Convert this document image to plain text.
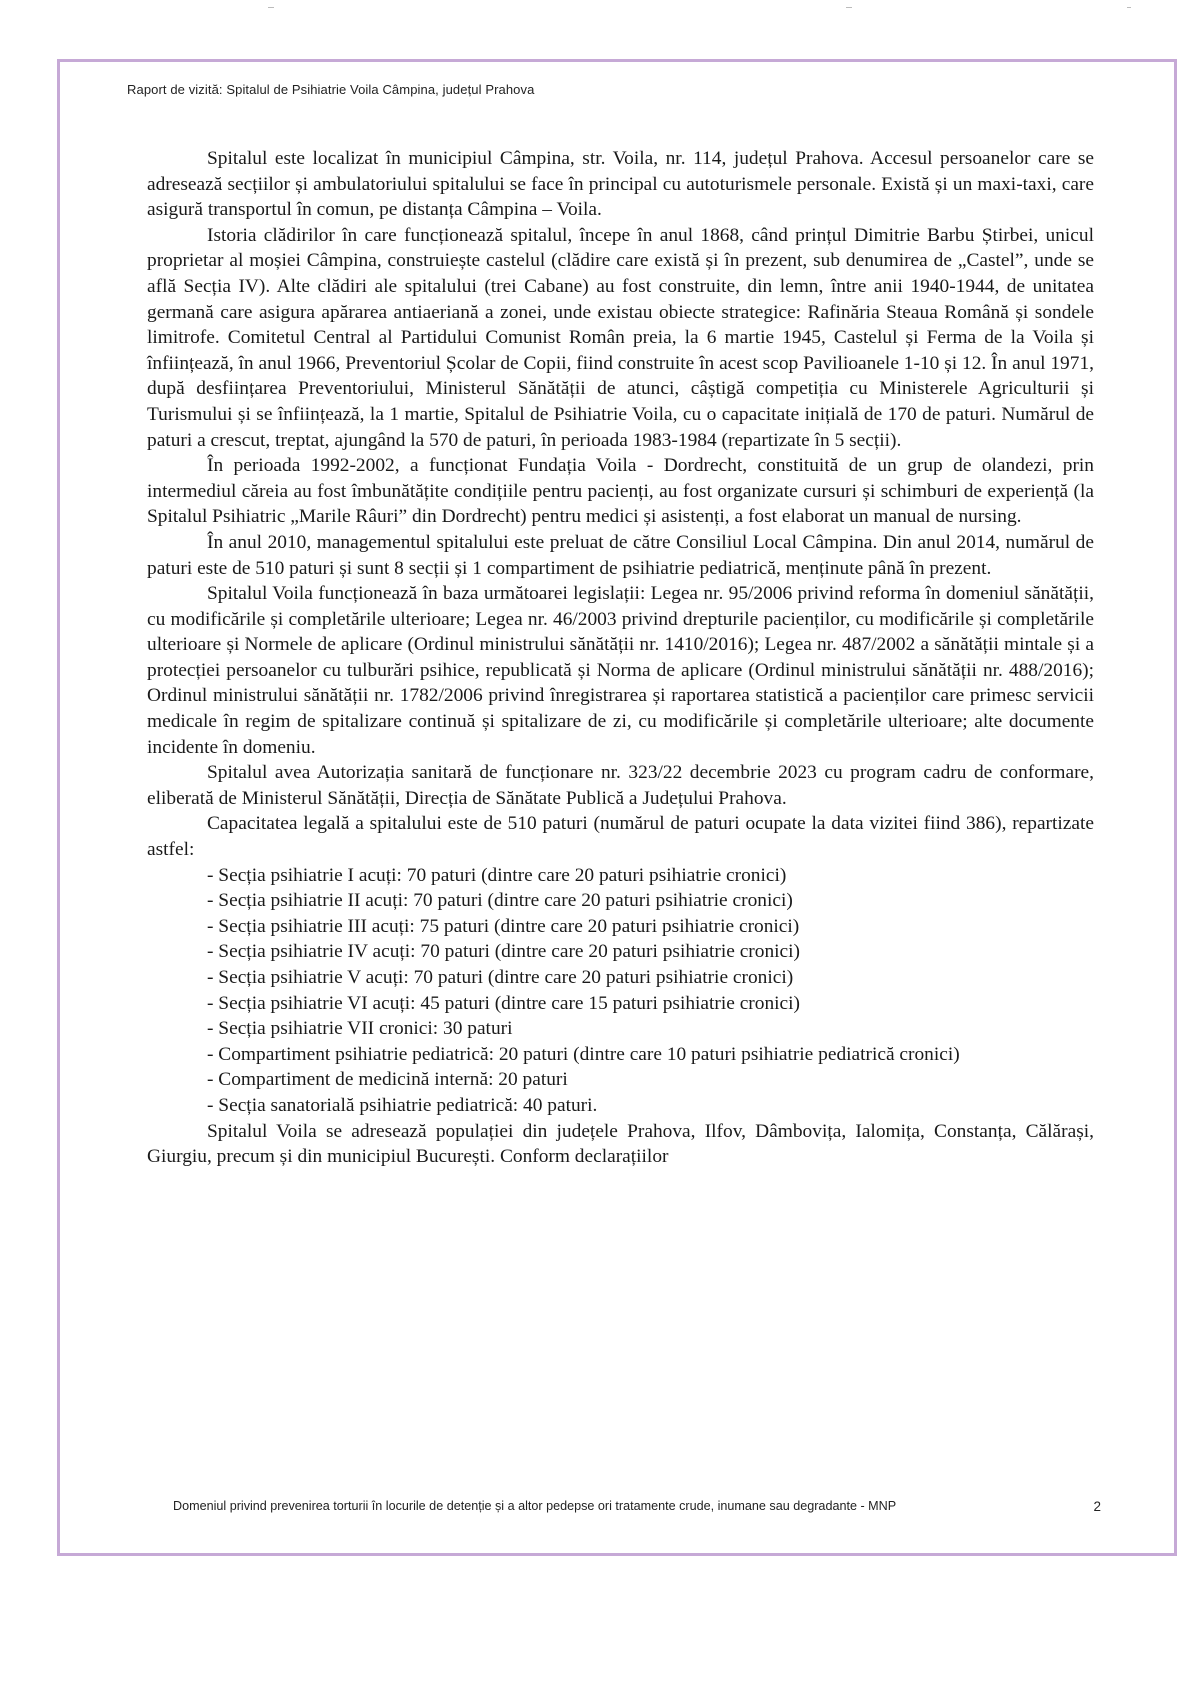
Raport de vizită: Spitalul de Psihiatrie Voila Câmpina, județul Prahova

Spitalul este localizat în municipiul Câmpina, str. Voila, nr. 114, județul Prahova. Accesul persoanelor care se adresează secțiilor și ambulatoriului spitalului se face în principal cu autoturismele personale. Există și un maxi-taxi, care asigură transportul în comun, pe distanța Câmpina – Voila.

Istoria clădirilor în care funcționează spitalul, începe în anul 1868, când prințul Dimitrie Barbu Știrbei, unicul proprietar al moșiei Câmpina, construiește castelul (clădire care există și în prezent, sub denumirea de „Castel”, unde se află Secția IV). Alte clădiri ale spitalului (trei Cabane) au fost construite, din lemn, între anii 1940-1944, de unitatea germană care asigura apărarea antiaeriană a zonei, unde existau obiecte strategice: Rafinăria Steaua Română și sondele limitrofe. Comitetul Central al Partidului Comunist Român preia, la 6 martie 1945, Castelul și Ferma de la Voila și înființează, în anul 1966, Preventoriul Școlar de Copii, fiind construite în acest scop Pavilioanele 1-10 și 12. În anul 1971, după desființarea Preventoriului, Ministerul Sănătății de atunci, câștigă competiția cu Ministerele Agriculturii și Turismului și se înființează, la 1 martie, Spitalul de Psihiatrie Voila, cu o capacitate inițială de 170 de paturi. Numărul de paturi a crescut, treptat, ajungând la 570 de paturi, în perioada 1983-1984 (repartizate în 5 secții).

În perioada 1992-2002, a funcționat Fundația Voila - Dordrecht, constituită de un grup de olandezi, prin intermediul căreia au fost îmbunătățite condițiile pentru pacienți, au fost organizate cursuri și schimburi de experiență (la Spitalul Psihiatric „Marile Râuri” din Dordrecht) pentru medici și asistenți, a fost elaborat un manual de nursing.

În anul 2010, managementul spitalului este preluat de către Consiliul Local Câmpina. Din anul 2014, numărul de paturi este de 510 paturi și sunt 8 secții și 1 compartiment de psihiatrie pediatrică, menținute până în prezent.

Spitalul Voila funcționează în baza următoarei legislații: Legea nr. 95/2006 privind reforma în domeniul sănătății, cu modificările și completările ulterioare; Legea nr. 46/2003 privind drepturile pacienților, cu modificările și completările ulterioare și Normele de aplicare (Ordinul ministrului sănătății nr. 1410/2016); Legea nr. 487/2002 a sănătății mintale și a protecției persoanelor cu tulburări psihice, republicată și Norma de aplicare (Ordinul ministrului sănătății nr. 488/2016); Ordinul ministrului sănătății nr. 1782/2006 privind înregistrarea și raportarea statistică a pacienților care primesc servicii medicale în regim de spitalizare continuă și spitalizare de zi, cu modificările și completările ulterioare; alte documente incidente în domeniu.

Spitalul avea Autorizația sanitară de funcționare nr. 323/22 decembrie 2023 cu program cadru de conformare, eliberată de Ministerul Sănătății, Direcția de Sănătate Publică a Județului Prahova.

Capacitatea legală a spitalului este de 510 paturi (numărul de paturi ocupate la data vizitei fiind 386), repartizate astfel:

- Secția psihiatrie I acuți: 70 paturi (dintre care 20 paturi psihiatrie cronici)
- Secția psihiatrie II acuți: 70 paturi (dintre care 20 paturi psihiatrie cronici)
- Secția psihiatrie III acuți: 75 paturi (dintre care 20 paturi psihiatrie cronici)
- Secția psihiatrie IV acuți: 70 paturi (dintre care 20 paturi psihiatrie cronici)
- Secția psihiatrie V acuți: 70 paturi (dintre care 20 paturi psihiatrie cronici)
- Secția psihiatrie VI acuți: 45 paturi (dintre care 15 paturi psihiatrie cronici)
- Secția psihiatrie VII cronici: 30 paturi
- Compartiment psihiatrie pediatrică: 20 paturi (dintre care 10 paturi psihiatrie pediatrică cronici)
- Compartiment de medicină internă: 20 paturi
- Secția sanatorială psihiatrie pediatrică: 40 paturi.

Spitalul Voila se adresează populației din județele Prahova, Ilfov, Dâmbovița, Ialomița, Constanța, Călărași, Giurgiu, precum și din municipiul București. Conform declarațiilor

Domeniul privind prevenirea torturii în locurile de detenție și a altor pedepse ori tratamente crude, inumane sau degradante - MNP	2
